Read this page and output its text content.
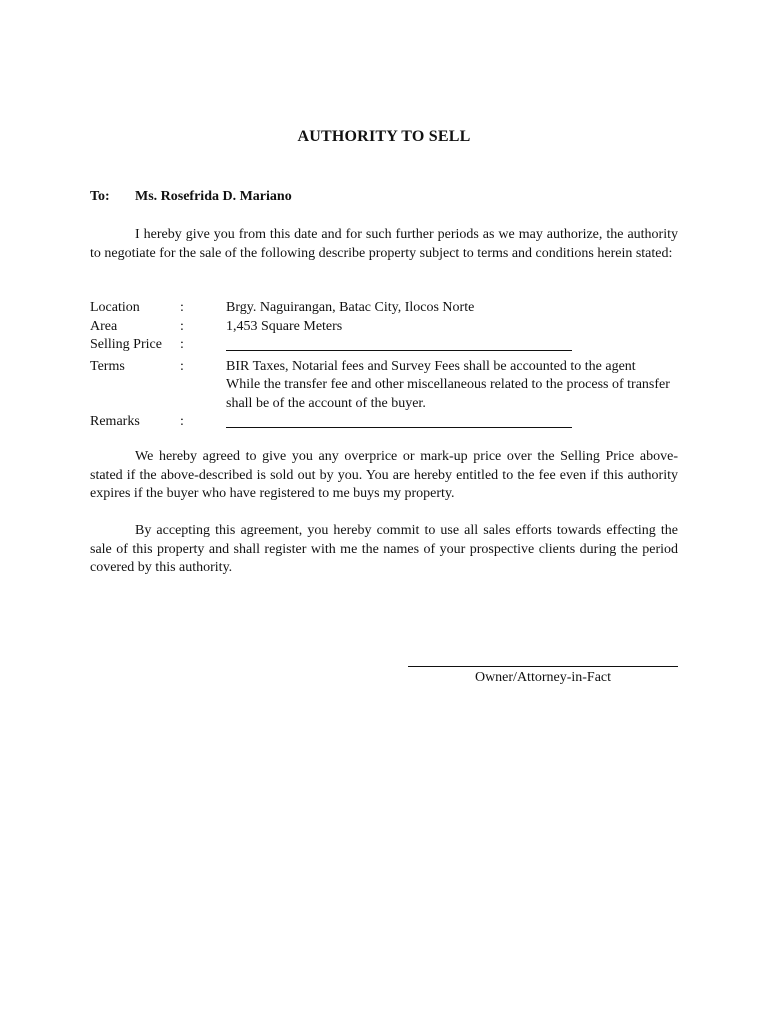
AUTHORITY TO SELL
To: Ms. Rosefrida D. Mariano

I hereby give you from this date and for such further periods as we may authorize, the authority to negotiate for the sale of the following describe property subject to terms and conditions herein stated:

Location	:	Brgy. Naguirangan, Batac City, Ilocos Norte
Area	:	1,453 Square Meters
Selling Price	:
Terms	:	BIR Taxes, Notarial fees and Survey Fees shall be accounted to the agent
While the transfer fee and other miscellaneous related to the process of transfer shall be of the account of the buyer.
Remarks	:

We hereby agreed to give you any overprice or mark-up price over the Selling Price above-stated if the above-described is sold out by you. You are hereby entitled to the fee even if this authority expires if the buyer who have registered to me buys my property.

By accepting this agreement, you hereby commit to use all sales efforts towards effecting the sale of this property and shall register with me the names of your prospective clients during the period covered by this authority.

Owner/Attorney-in-Fact
